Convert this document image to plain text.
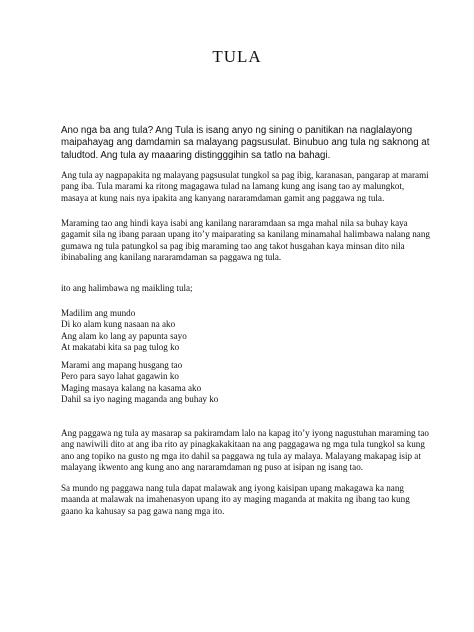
TULA

Ano nga ba ang tula? Ang Tula is isang anyo ng sining o panitikan na naglalayong maipahayag ang damdamin sa malayang pagsusulat. Binubuo ang tula ng saknong at taludtod. Ang tula ay maaaring distingggihin sa tatlo na bahagi.

Ang tula ay nagpapakita ng malayang pagsusulat tungkol sa pag ibig, karanasan, pangarap at marami pang iba. Tula marami ka ritong magagawa tulad na lamang kung ang isang tao ay malungkot, masaya at kung nais nya ipakita ang kanyang nararamdaman gamit ang paggawa ng tula.

Maraming tao ang hindi kaya isabi ang kanilang nararamdaan sa mga mahal nila sa buhay kaya gagamit sila ng ibang paraan upang ito’y maiparating sa kanilang minamahal halimbawa nalang nang gumawa ng tula patungkol sa pag ibig maraming tao ang takot husgahan kaya minsan dito nila ibinabaling ang kanilang nararamdaman sa paggawa ng tula.

ito ang halimbawa ng maikling tula;

Madilim ang mundo
Di ko alam kung nasaan na ako
Ang alam ko lang ay papunta sayo
At makatabi kita sa pag tulog ko
Marami ang mapang husgang tao
Pero para sayo lahat gagawin ko
Maging masaya kalang na kasama ako
Dahil sa iyo naging maganda ang buhay ko

Ang paggawa ng tula ay masarap sa pakiramdam lalo na kapag ito’y iyong nagustuhan maraming tao ang nawiwili dito at ang iba rito ay pinagkakakitaan na ang paggagawa ng mga tula tungkol sa kung ano ang topiko na gusto ng mga ito dahil sa paggawa ng tula ay malaya. Malayang makapag isip at malayang ikwento ang kung ano ang nararamdaman ng puso at isipan ng isang tao.

Sa mundo ng paggawa nang tula dapat malawak ang iyong kaisipan upang makagawa ka nang maanda at malawak na imahenasyon upang ito ay maging maganda at makita ng ibang tao kung gaano ka kahusay sa pag gawa nang mga ito.
